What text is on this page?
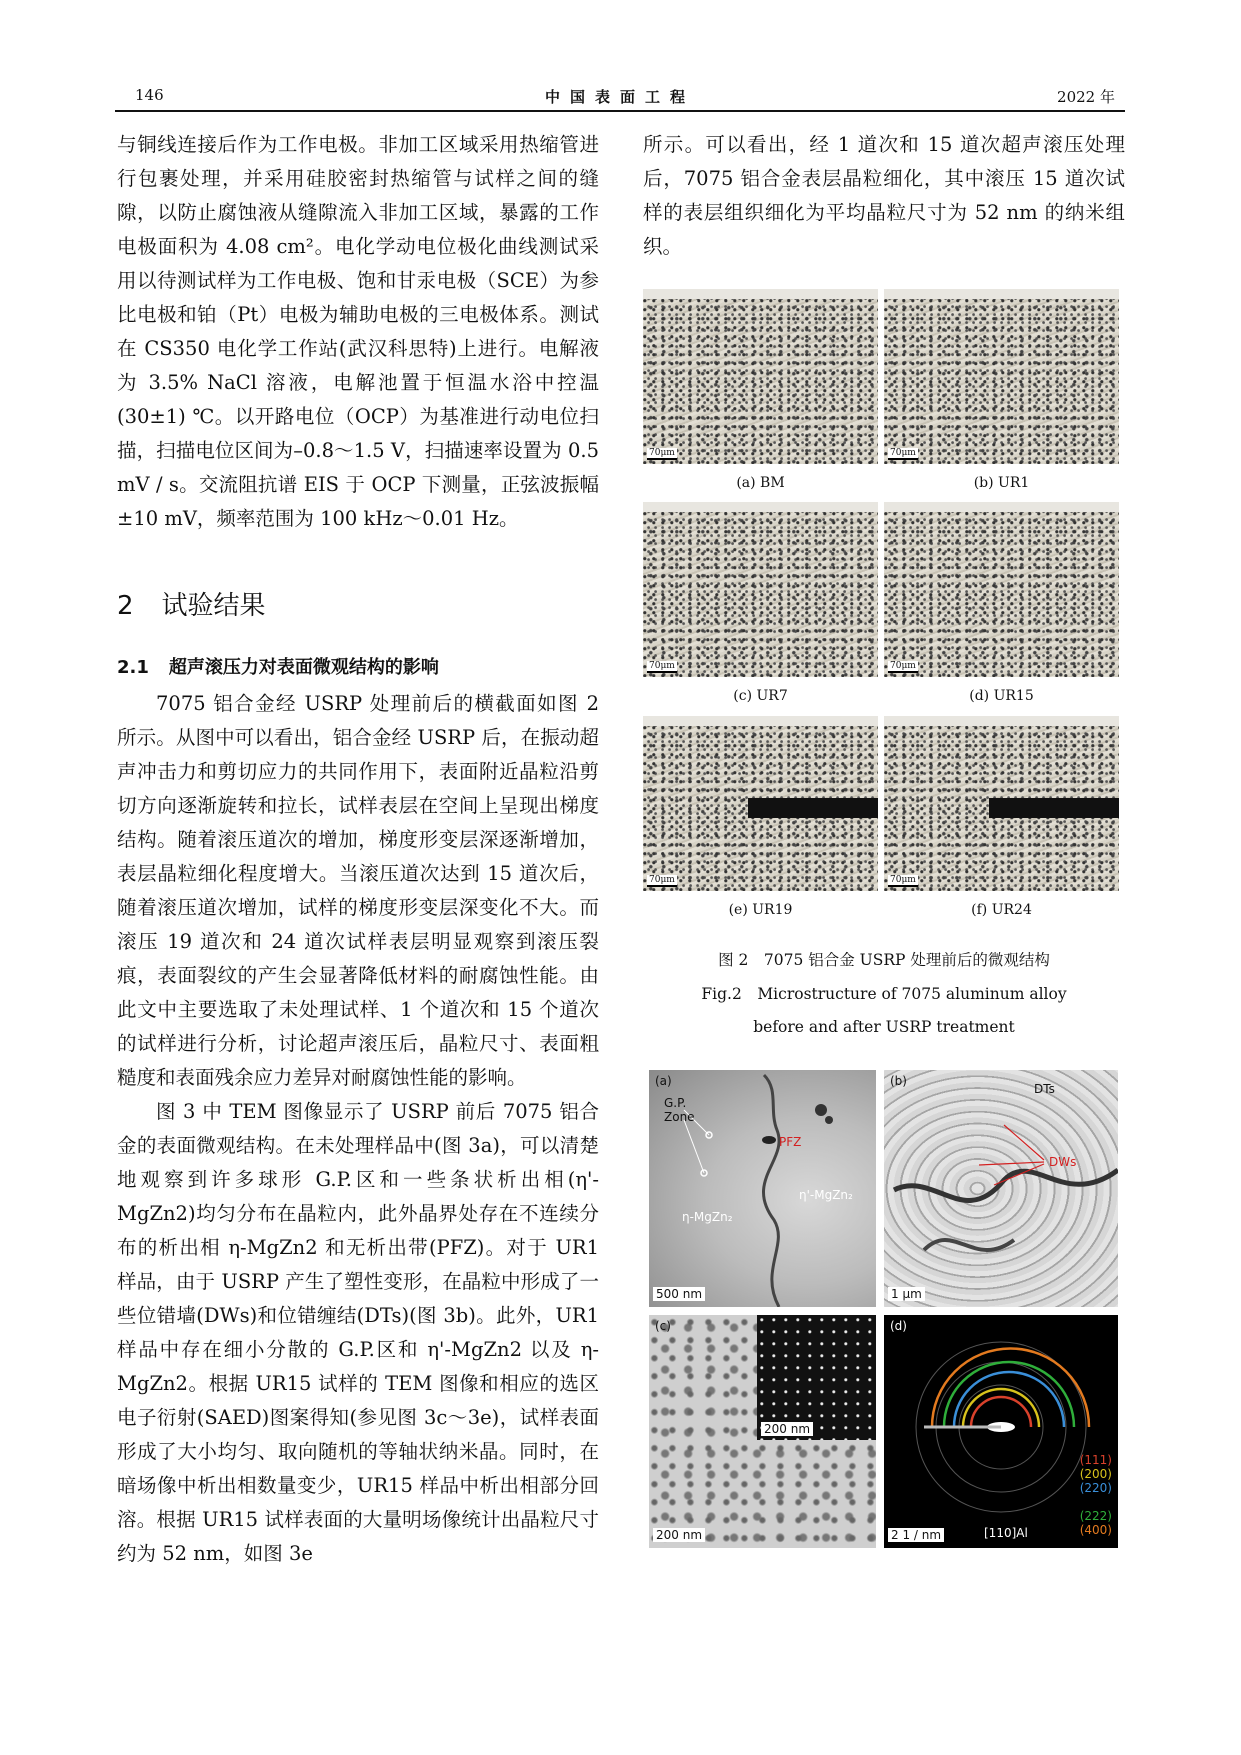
146	中国表面工程	2022 年

与铜线连接后作为工作电极。非加工区域采用热缩管进行包裹处理，并采用硅胶密封热缩管与试样之间的缝隙，以防止腐蚀液从缝隙流入非加工区域，暴露的工作电极面积为 4.08 cm²。电化学动电位极化曲线测试采用以待测试样为工作电极、饱和甘汞电极（SCE）为参比电极和铂（Pt）电极为辅助电极的三电极体系。测试在 CS350 电化学工作站(武汉科思特)上进行。电解液为 3.5% NaCl 溶液，电解池置于恒温水浴中控温(30±1) ℃。以开路电位（OCP）为基准进行动电位扫描，扫描电位区间为–0.8～1.5 V，扫描速率设置为 0.5 mV / s。交流阻抗谱 EIS 于 OCP 下测量，正弦波振幅±10 mV，频率范围为 100 kHz～0.01 Hz。

2 试验结果
2.1 超声滚压力对表面微观结构的影响

7075 铝合金经 USRP 处理前后的横截面如图 2 所示。从图中可以看出，铝合金经 USRP 后，在振动超声冲击力和剪切应力的共同作用下，表面附近晶粒沿剪切方向逐渐旋转和拉长，试样表层在空间上呈现出梯度结构。随着滚压道次的增加，梯度形变层深逐渐增加，表层晶粒细化程度增大。当滚压道次达到 15 道次后，随着滚压道次增加，试样的梯度形变层深变化不大。而滚压 19 道次和 24 道次试样表层明显观察到滚压裂痕，表面裂纹的产生会显著降低材料的耐腐蚀性能。由此文中主要选取了未处理试样、1 个道次和 15 个道次的试样进行分析，讨论超声滚压后，晶粒尺寸、表面粗糙度和表面残余应力差异对耐腐蚀性能的影响。

图 3 中 TEM 图像显示了 USRP 前后 7075 铝合金的表面微观结构。在未处理样品中(图 3a)，可以清楚地观察到许多球形 G.P.区和一些条状析出相(η'-MgZn2)均匀分布在晶粒内，此外晶界处存在不连续分布的析出相 η-MgZn2 和无析出带(PFZ)。对于 UR1 样品，由于 USRP 产生了塑性变形，在晶粒中形成了一些位错墙(DWs)和位错缠结(DTs)(图 3b)。此外，UR1 样品中存在细小分散的 G.P.区和 η'-MgZn2 以及 η-MgZn2。根据 UR15 试样的 TEM 图像和相应的选区电子衍射(SAED)图案得知(参见图 3c～3e)，试样表面形成了大小均匀、取向随机的等轴状纳米晶。同时，在暗场像中析出相数量变少，UR15 样品中析出相部分回溶。根据 UR15 试样表面的大量明场像统计出晶粒尺寸约为 52 nm，如图 3e

所示。可以看出，经 1 道次和 15 道次超声滚压处理后，7075 铝合金表层晶粒细化，其中滚压 15 道次试样的表层组织细化为平均晶粒尺寸为 52 nm 的纳米组织。

70μm	70μm
(a) BM	(b) UR1
70μm	70μm
(c) UR7	(d) UR15
70μm	70μm
(e) UR19	(f) UR24
图 2　7075 铝合金 USRP 处理前后的微观结构
Fig.2　Microstructure of 7075 aluminum alloy
before and after USRP treatment
(a)
G.P.
Zone
PFZ
η-MgZn₂
η'-MgZn₂
500 nm
(b)
DTs
DWs
1 μm
200 nm
(c)
200 nm
(d)
(111)
(200)
(220)
(222)
(400)
[110]Al
2 1 / nm
